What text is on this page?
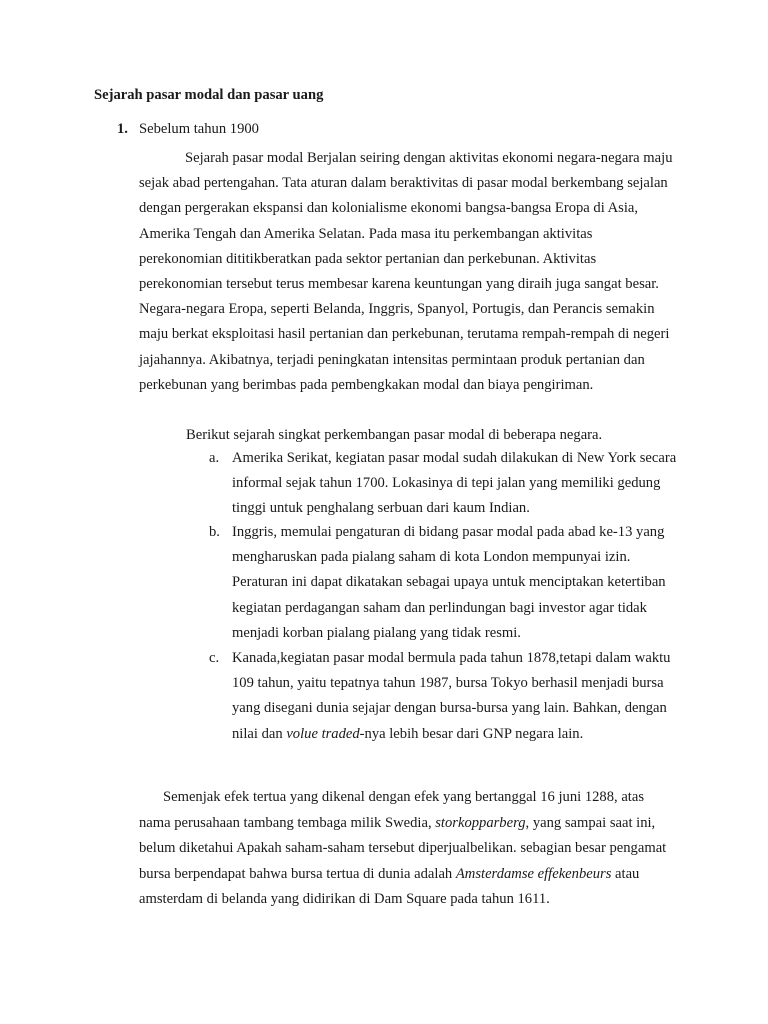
Sejarah pasar modal dan pasar uang
1. Sebelum tahun 1900

Sejarah pasar modal Berjalan seiring dengan aktivitas ekonomi negara-negara maju sejak abad pertengahan. Tata aturan dalam beraktivitas di pasar modal berkembang sejalan dengan pergerakan ekspansi dan kolonialisme ekonomi bangsa-bangsa Eropa di Asia, Amerika Tengah dan Amerika Selatan. Pada masa itu perkembangan aktivitas perekonomian dititikberatkan pada sektor pertanian dan perkebunan. Aktivitas perekonomian tersebut terus membesar karena keuntungan yang diraih juga sangat besar. Negara-negara Eropa, seperti Belanda, Inggris, Spanyol, Portugis, dan Perancis semakin maju berkat eksploitasi hasil pertanian dan perkebunan, terutama rempah-rempah di negeri jajahannya. Akibatnya, terjadi peningkatan intensitas permintaan produk pertanian dan perkebunan yang berimbas pada pembengkakan modal dan biaya pengiriman.

Berikut sejarah singkat perkembangan pasar modal di beberapa negara.

a. Amerika Serikat, kegiatan pasar modal sudah dilakukan di New York secara informal sejak tahun 1700. Lokasinya di tepi jalan yang memiliki gedung tinggi untuk penghalang serbuan dari kaum Indian.
b. Inggris, memulai pengaturan di bidang pasar modal pada abad ke-13 yang mengharuskan pada pialang saham di kota London mempunyai izin. Peraturan ini dapat dikatakan sebagai upaya untuk menciptakan ketertiban kegiatan perdagangan saham dan perlindungan bagi investor agar tidak menjadi korban pialang pialang yang tidak resmi.
c. Kanada,kegiatan pasar modal bermula pada tahun 1878,tetapi dalam waktu 109 tahun, yaitu tepatnya tahun 1987, bursa Tokyo berhasil menjadi bursa yang disegani dunia sejajar dengan bursa-bursa yang lain. Bahkan, dengan nilai dan volue traded-nya lebih besar dari GNP negara lain.

Semenjak efek tertua yang dikenal dengan efek yang bertanggal 16 juni 1288, atas nama perusahaan tambang tembaga milik Swedia, storkopparberg, yang sampai saat ini, belum diketahui Apakah saham-saham tersebut diperjualbelikan. sebagian besar pengamat bursa berpendapat bahwa bursa tertua di dunia adalah Amsterdamse effekenbeurs atau amsterdam di belanda yang didirikan di Dam Square pada tahun 1611.
